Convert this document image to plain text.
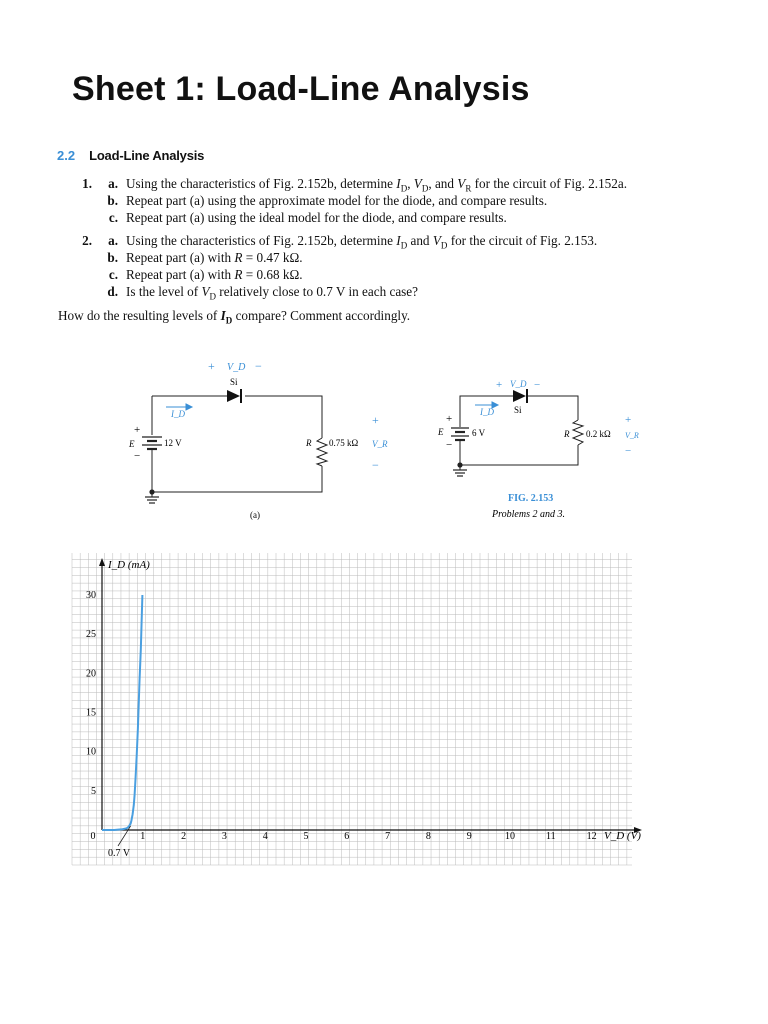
Sheet 1: Load-Line Analysis
2.2 Load-Line Analysis
1. a. Using the characteristics of Fig. 2.152b, determine $I_D$, $V_D$, and $V_R$ for the circuit of Fig. 2.152a.
b. Repeat part (a) using the approximate model for the diode, and compare results.
c. Repeat part (a) using the ideal model for the diode, and compare results.
2. a. Using the characteristics of Fig. 2.152b, determine $I_D$ and $V_D$ for the circuit of Fig. 2.153.
b. Repeat part (a) with R = 0.47 kΩ.
c. Repeat part (a) with R = 0.68 kΩ.
d. Is the level of $V_D$ relatively close to 0.7 V in each case?
How do the resulting levels of $I_D$ compare? Comment accordingly.
+ V_D −
Si
I_D
+
E	12 V
−
R 0.75 kΩ
+
V_R
−
(a)
+ V_D −
Si
I_D
+
E	6 V
−
R 0.2 kΩ
+
V_R
−
FIG. 2.153
Problems 2 and 3.
0	1	2	3	4	5	6	7	8	9	10	11	12
5
10
15
20
25
30
I_D (mA)
V_D (V)
0.7 V
